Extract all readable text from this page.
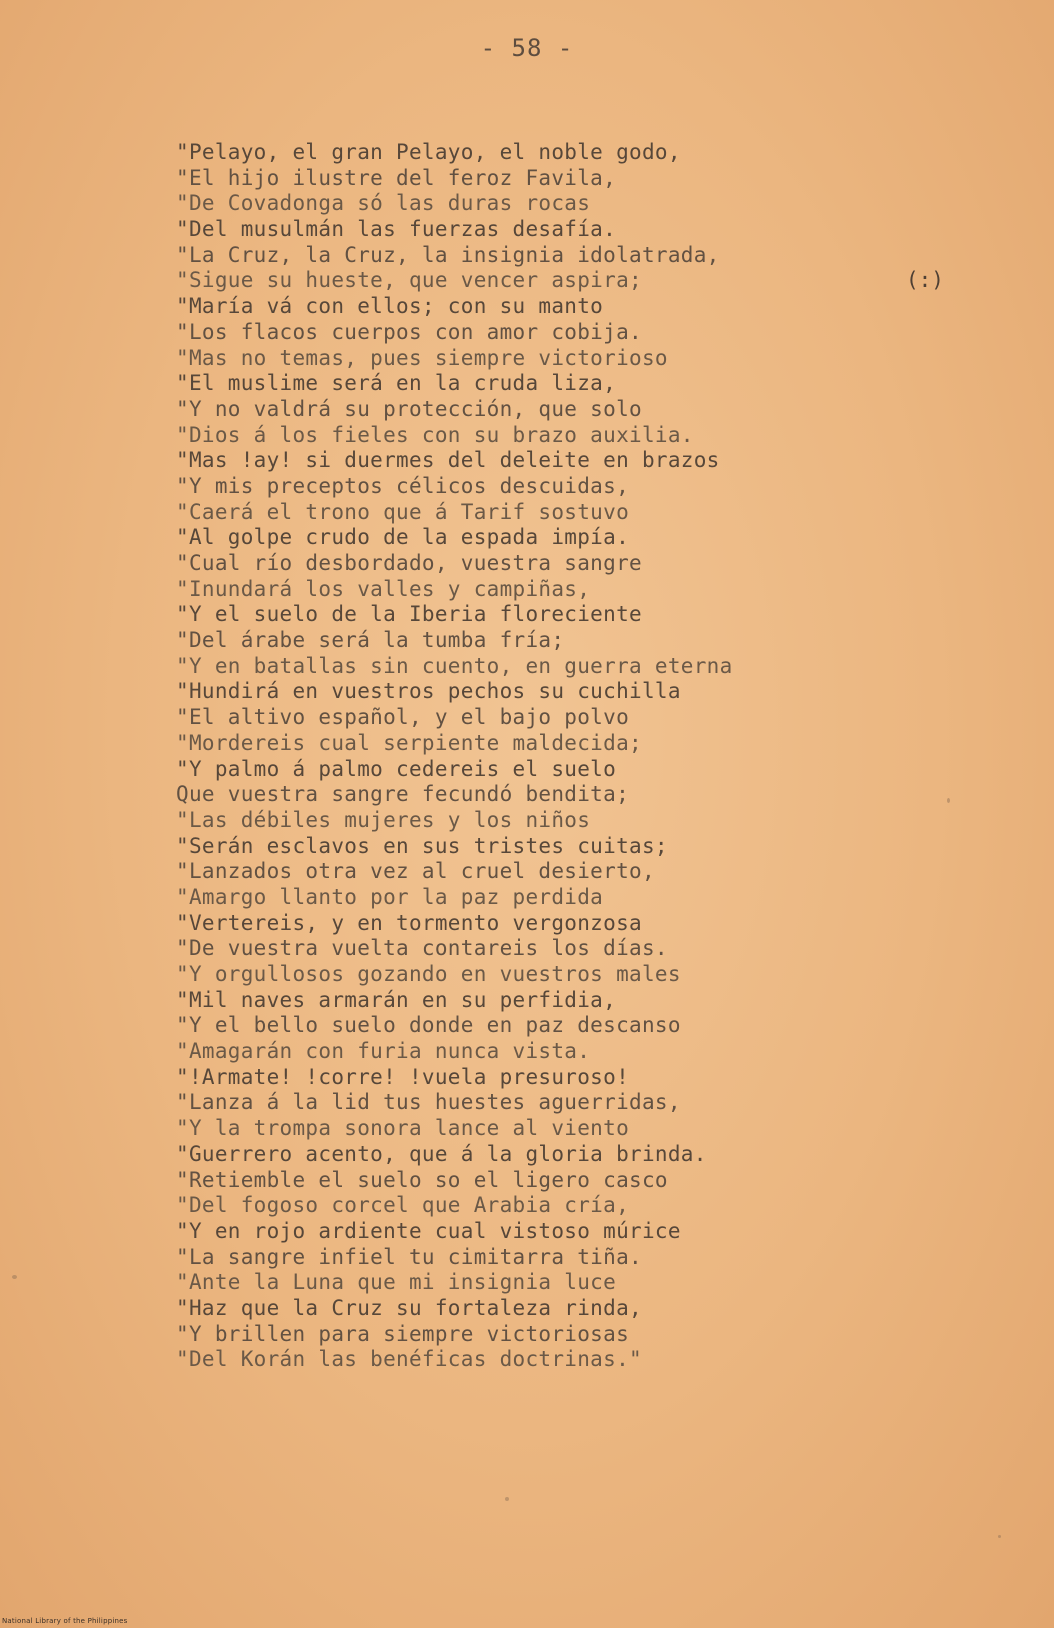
- 58 -
"Pelayo, el gran Pelayo, el noble godo,
"El hijo ilustre del feroz Favila,
"De Covadonga só las duras rocas
"Del musulmán las fuerzas desafía.
"La Cruz, la Cruz, la insignia idolatrada,
"Sigue su hueste, que vencer aspira;
"María vá con ellos; con su manto
"Los flacos cuerpos con amor cobija.
"Mas no temas, pues siempre victorioso
"El muslime será en la cruda liza,
"Y no valdrá su protección, que solo
"Dios á los fieles con su brazo auxilia.
"Mas !ay! si duermes del deleite en brazos
"Y mis preceptos célicos descuidas,
"Caerá el trono que á Tarif sostuvo
"Al golpe crudo de la espada impía.
"Cual río desbordado, vuestra sangre
"Inundará los valles y campiñas,
"Y el suelo de la Iberia floreciente
"Del árabe será la tumba fría;
"Y en batallas sin cuento, en guerra eterna
"Hundirá en vuestros pechos su cuchilla
"El altivo español, y el bajo polvo
"Mordereis cual serpiente maldecida;
"Y palmo á palmo cedereis el suelo
Que vuestra sangre fecundó bendita;
"Las débiles mujeres y los niños
"Serán esclavos en sus tristes cuitas;
"Lanzados otra vez al cruel desierto,
"Amargo llanto por la paz perdida
"Vertereis, y en tormento vergonzosa
"De vuestra vuelta contareis los días.
"Y orgullosos gozando en vuestros males
"Mil naves armarán en su perfidia,
"Y el bello suelo donde en paz descanso
"Amagarán con furia nunca vista.
"!Armate! !corre! !vuela presuroso!
"Lanza á la lid tus huestes aguerridas,
"Y la trompa sonora lance al viento
"Guerrero acento, que á la gloria brinda.
"Retiemble el suelo so el ligero casco
"Del fogoso corcel que Arabia cría,
"Y en rojo ardiente cual vistoso múrice
"La sangre infiel tu cimitarra tiña.
"Ante la Luna que mi insignia luce
"Haz que la Cruz su fortaleza rinda,
"Y brillen para siempre victoriosas
"Del Korán las benéficas doctrinas."
(:)
National Library of the Philippines
